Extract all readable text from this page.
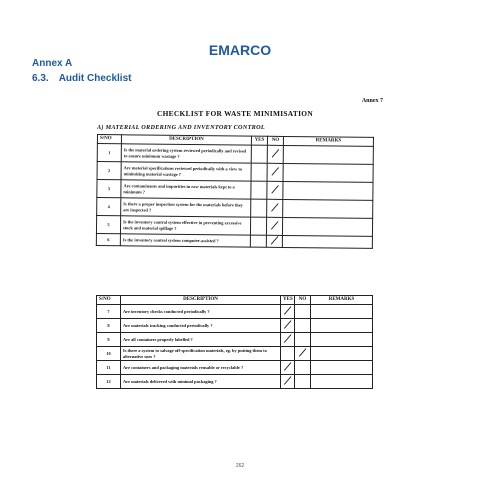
EMARCO
Annex A
6.3. Audit Checklist
Annex 7
CHECKLIST FOR WASTE MINIMISATION
A) MATERIAL ORDERING AND INVENTORY CONTROL
S/NO	DESCRIPTION	YES	NO	REMARKS
1	Is the material ordering system reviewed periodically and revised to ensure minimum wastage ?		

2	Are material specifications reviewed periodically with a view to minimizing material wastage ?		

3	Are contaminants and impurities in raw materials kept to a minimum ?		

4	Is there a proper inspection system for the materials before they are inspected ?		

5	Is the inventory control system effective in preventing excessive stock and material spillage ?		

6	Is the inventory control system computer-assisted ?		

S/NO	DESCRIPTION	YES	NO	REMARKS
7	Are inventory checks conducted periodically ?	

8	Are materials tracking conducted periodically ?	

9	Are all containers properly labelled ?	

10	Is there a system to salvage off-specification materials, eg. by putting them to alternative uses ?		

11	Are containers and packaging materials reusable or recyclable ?	

12	Are materials delivered with minimal packaging ?	

262
